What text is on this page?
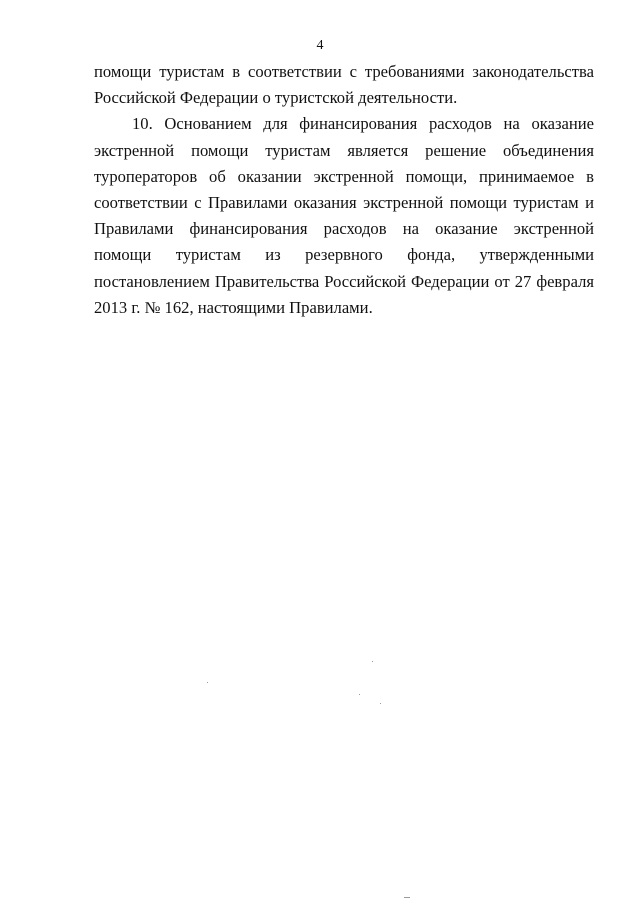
4

помощи туристам в соответствии с требованиями законодательства Российской Федерации о туристской деятельности.

10. Основанием для финансирования расходов на оказание экстренной помощи туристам является решение объединения туроператоров об оказании экстренной помощи, принимаемое в соответствии с Правилами оказания экстренной помощи туристам и Правилами финансирования расходов на оказание экстренной помощи туристам из резервного фонда, утвержденными постановлением Правительства Российской Федерации от 27 февраля 2013 г. № 162, настоящими Правилами.
